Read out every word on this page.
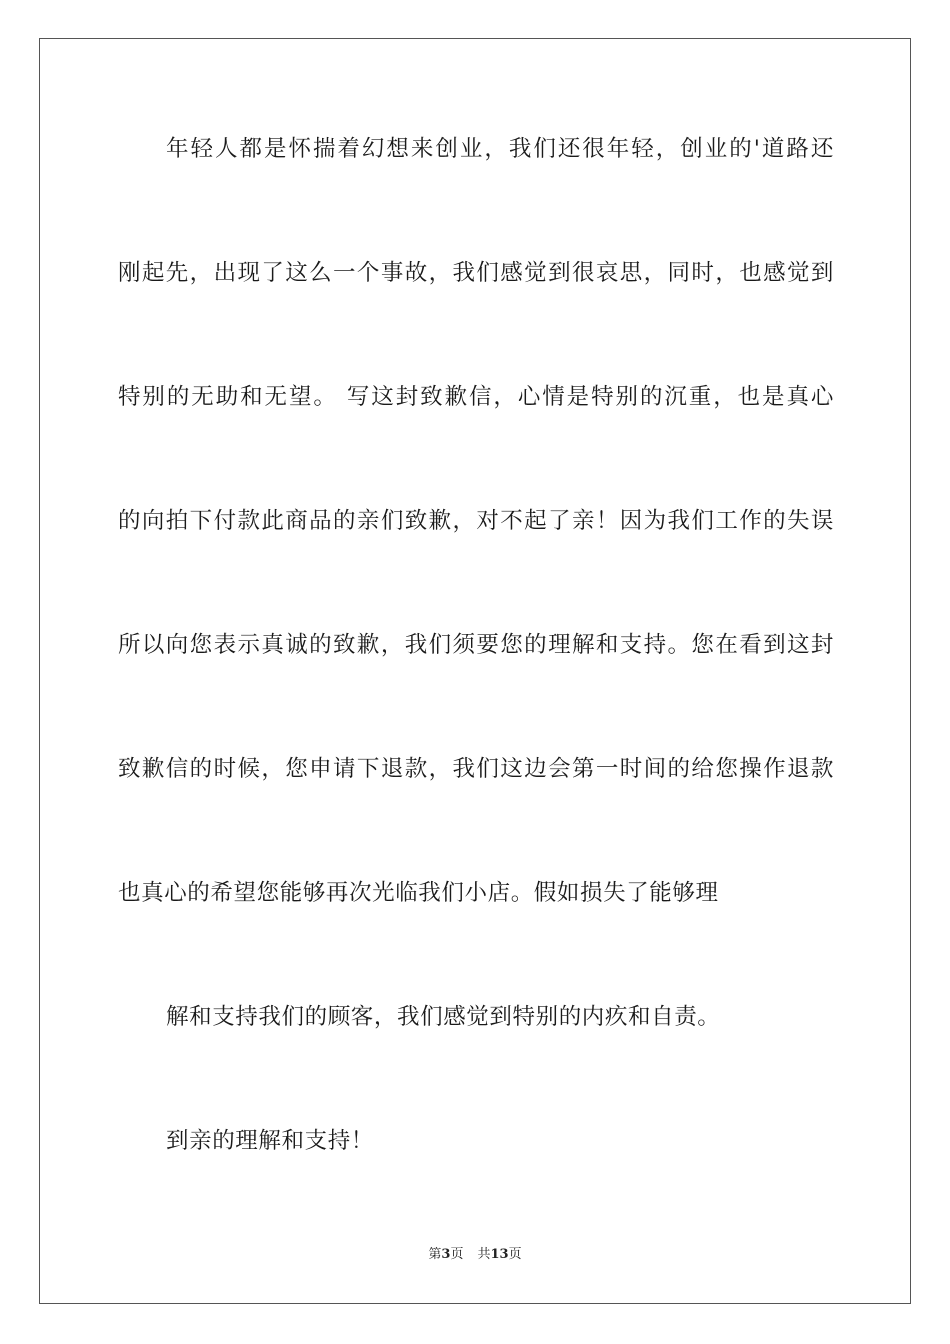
年轻人都是怀揣着幻想来创业，我们还很年轻，创业的'道路还
刚起先，出现了这么一个事故，我们感觉到很哀思，同时，也感觉到
特别的无助和无望。 写这封致歉信，心情是特别的沉重，也是真心
的向拍下付款此商品的亲们致歉，对不起了亲！因为我们工作的失误
所以向您表示真诚的致歉，我们须要您的理解和支持。您在看到这封
致歉信的时候，您申请下退款，我们这边会第一时间的给您操作退款
也真心的希望您能够再次光临我们小店。假如损失了能够理
解和支持我们的顾客，我们感觉到特别的内疚和自责。
到亲的理解和支持！
第3页 共13页
